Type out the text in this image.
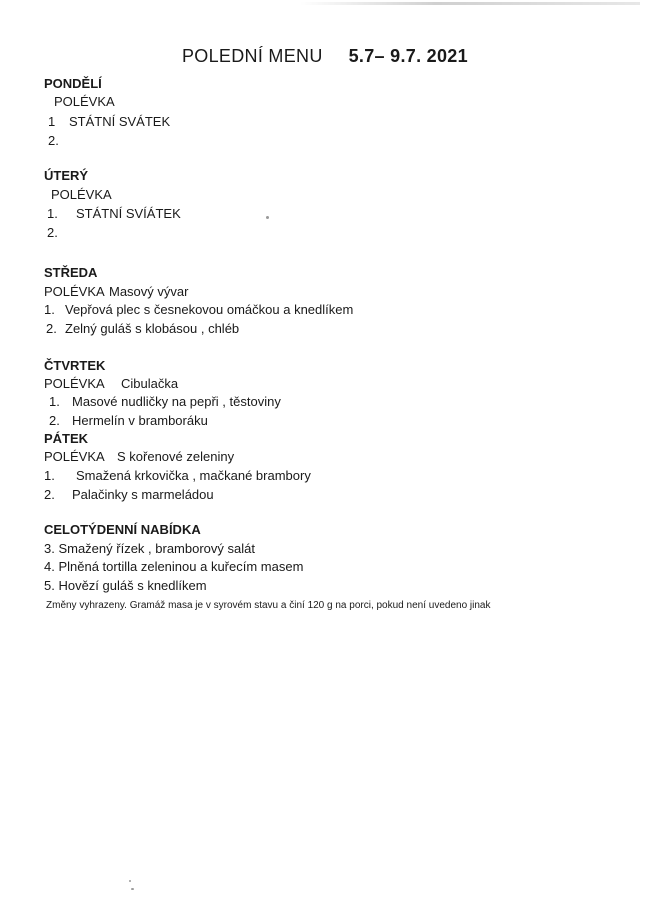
POLEDNÍ MENU 5.7– 9.7. 2021
PONDĚLÍ
POLÉVKA
1 STÁTNÍ SVÁTEK
2.
ÚTERÝ
POLÉVKA
1. STÁTNÍ SVÍÁTEK
2.
STŘEDA
POLÉVKA Masový vývar
1. Vepřová plec s česnekovou omáčkou a knedlíkem
2. Zelný guláš s klobásou , chléb
ČTVRTEK
POLÉVKA Cibulačka
1. Masové nudličky na pepři , těstoviny
2. Hermelín v bramboráku
PÁTEK
POLÉVKA S kořenové zeleniny
1. Smažená krkovička , mačkané brambory
2. Palačinky s marmeládou
CELOTÝDENNÍ NABÍDKA
3. Smažený řízek , bramborový salát
4. Plněná tortilla zeleninou a kuřecím masem
5. Hovězí guláš s knedlíkem
Změny vyhrazeny. Gramáž masa je v syrovém stavu a činí 120 g na porci, pokud není uvedeno jinak
